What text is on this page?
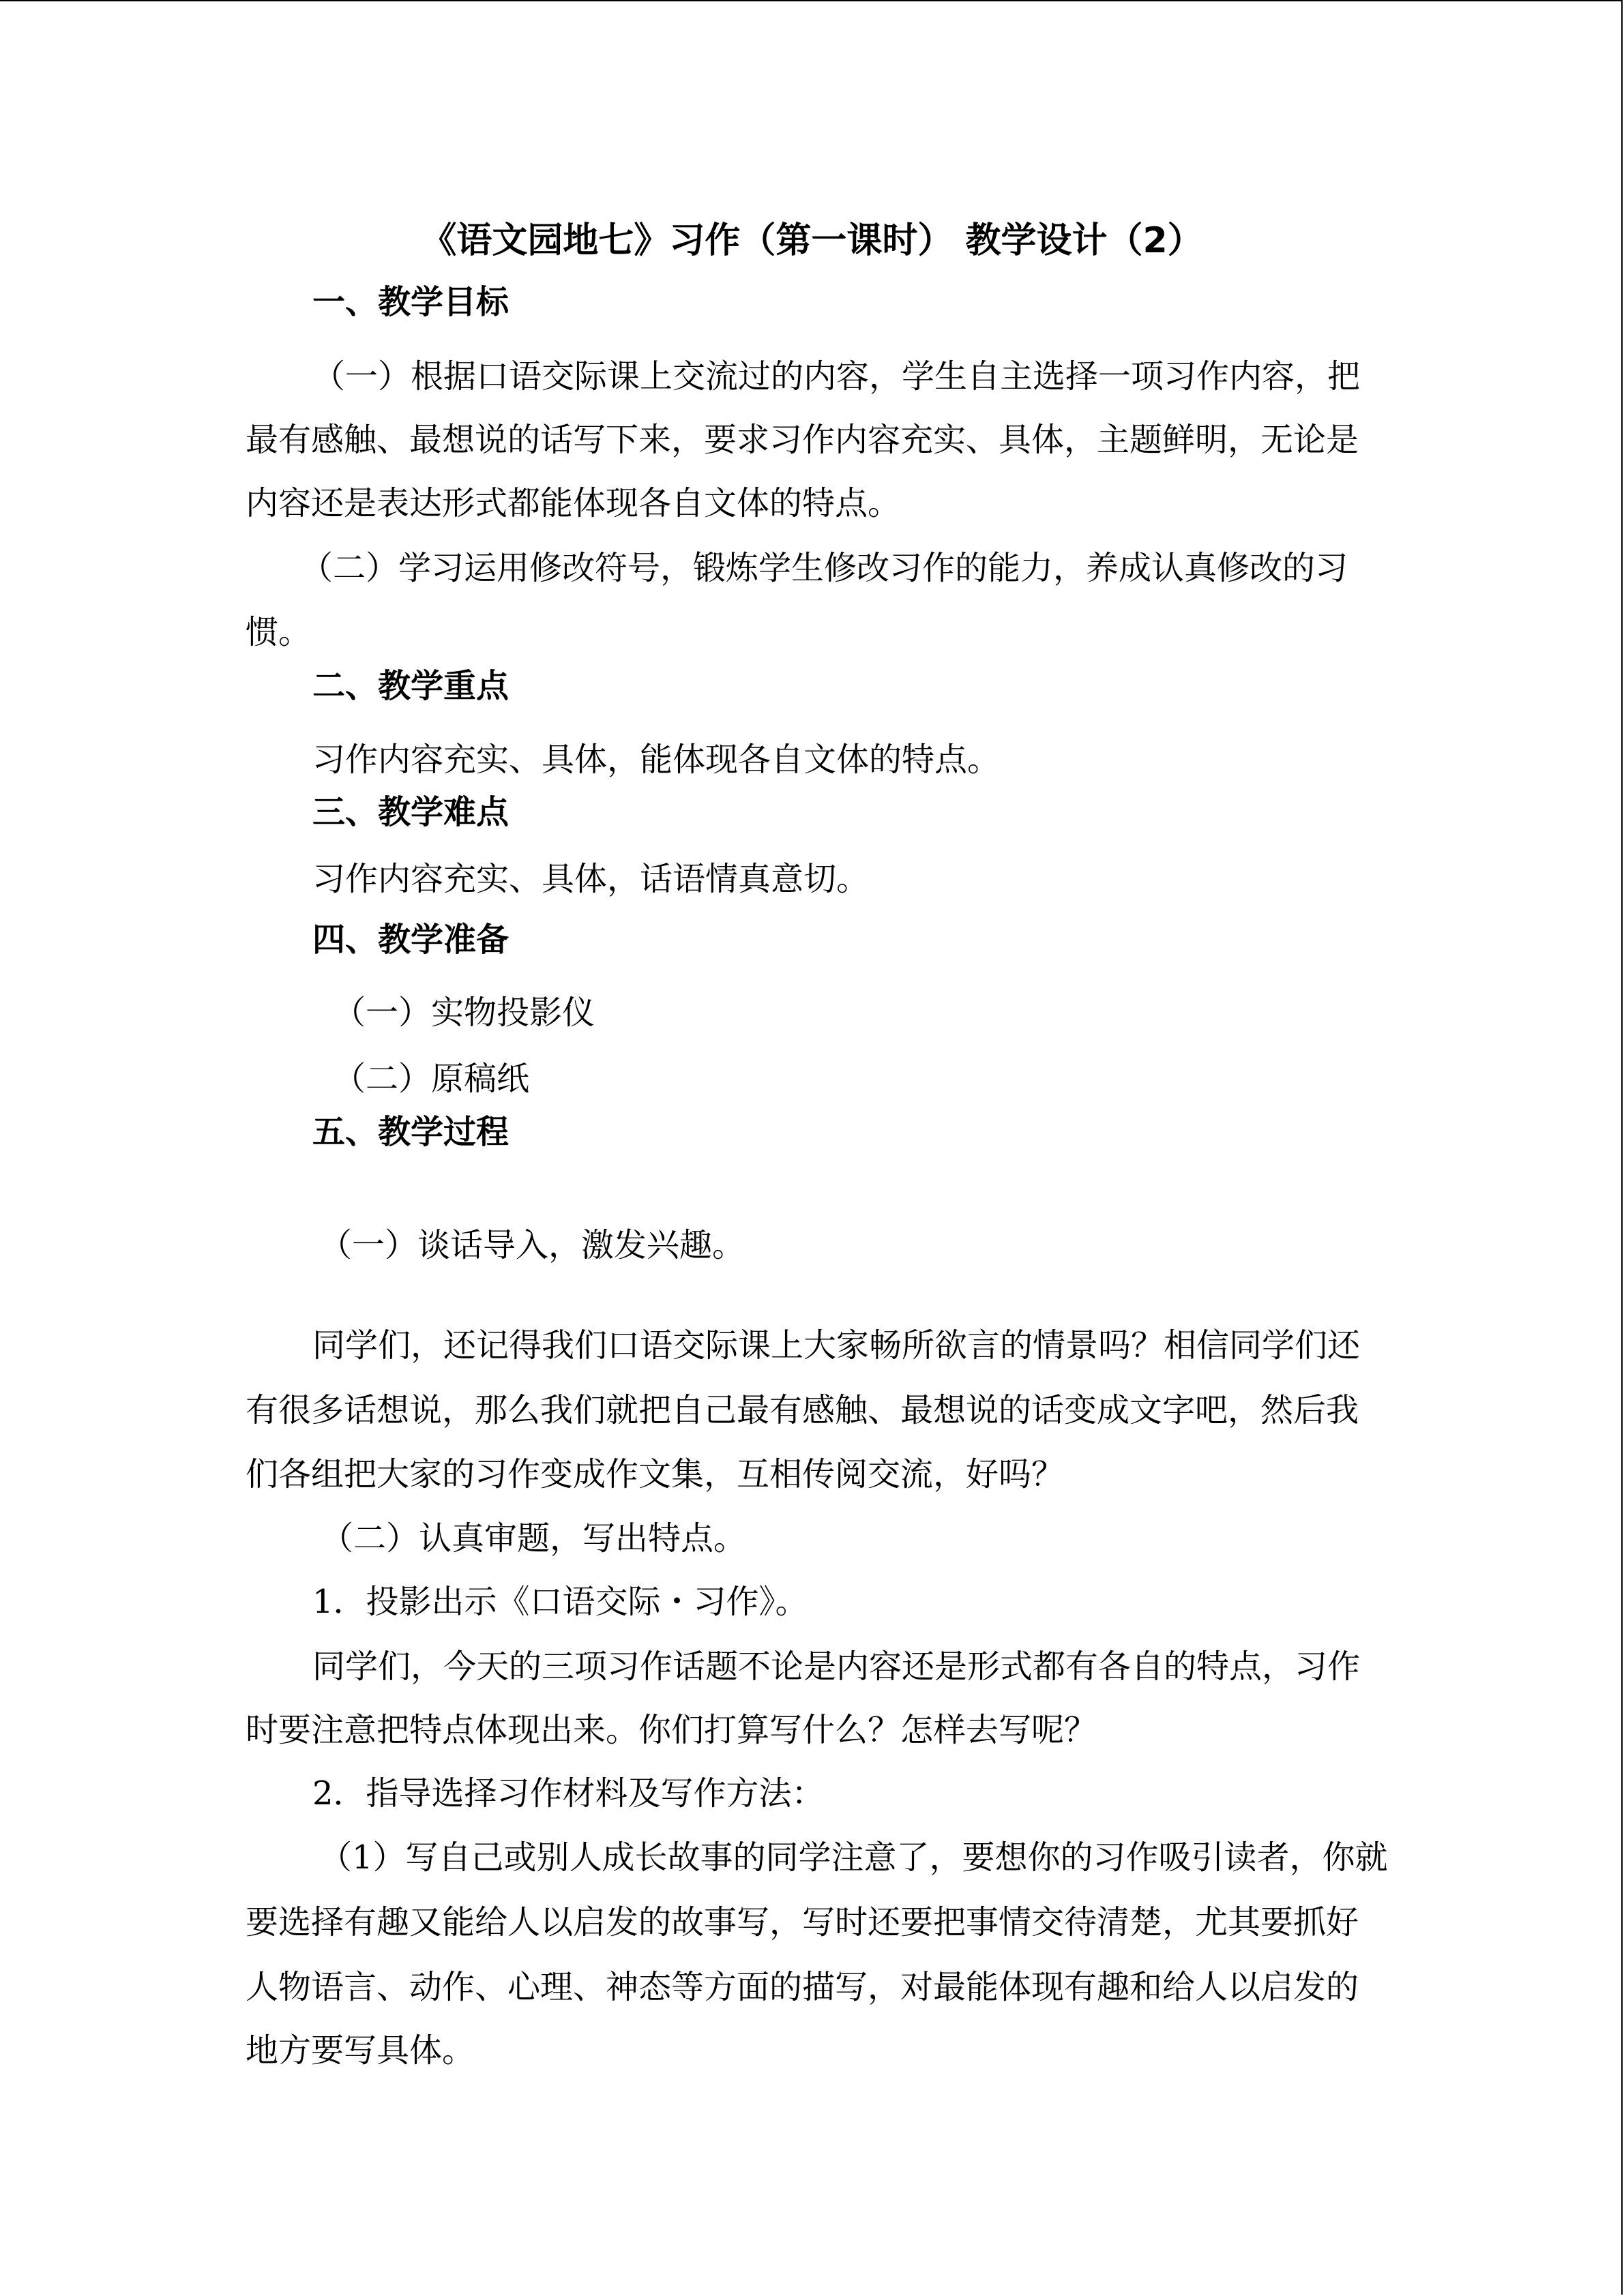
《语文园地七》习作（第一课时） 教学设计（2）
一、教学目标
（一）根据口语交际课上交流过的内容，学生自主选择一项习作内容，把
最有感触、最想说的话写下来，要求习作内容充实、具体，主题鲜明，无论是
内容还是表达形式都能体现各自文体的特点。
（二）学习运用修改符号，锻炼学生修改习作的能力，养成认真修改的习
惯。
二、教学重点
习作内容充实、具体，能体现各自文体的特点。
三、教学难点
习作内容充实、具体，话语情真意切。
四、教学准备
（一）实物投影仪
（二）原稿纸
五、教学过程
（一）谈话导入，激发兴趣。
同学们，还记得我们口语交际课上大家畅所欲言的情景吗？相信同学们还
有很多话想说，那么我们就把自己最有感触、最想说的话变成文字吧，然后我
们各组把大家的习作变成作文集，互相传阅交流，好吗？
（二）认真审题，写出特点。
1．投影出示《口语交际・习作》。
同学们，今天的三项习作话题不论是内容还是形式都有各自的特点，习作
时要注意把特点体现出来。你们打算写什么？怎样去写呢？
2．指导选择习作材料及写作方法：
（1）写自己或别人成长故事的同学注意了，要想你的习作吸引读者，你就
要选择有趣又能给人以启发的故事写，写时还要把事情交待清楚，尤其要抓好
人物语言、动作、心理、神态等方面的描写，对最能体现有趣和给人以启发的
地方要写具体。
